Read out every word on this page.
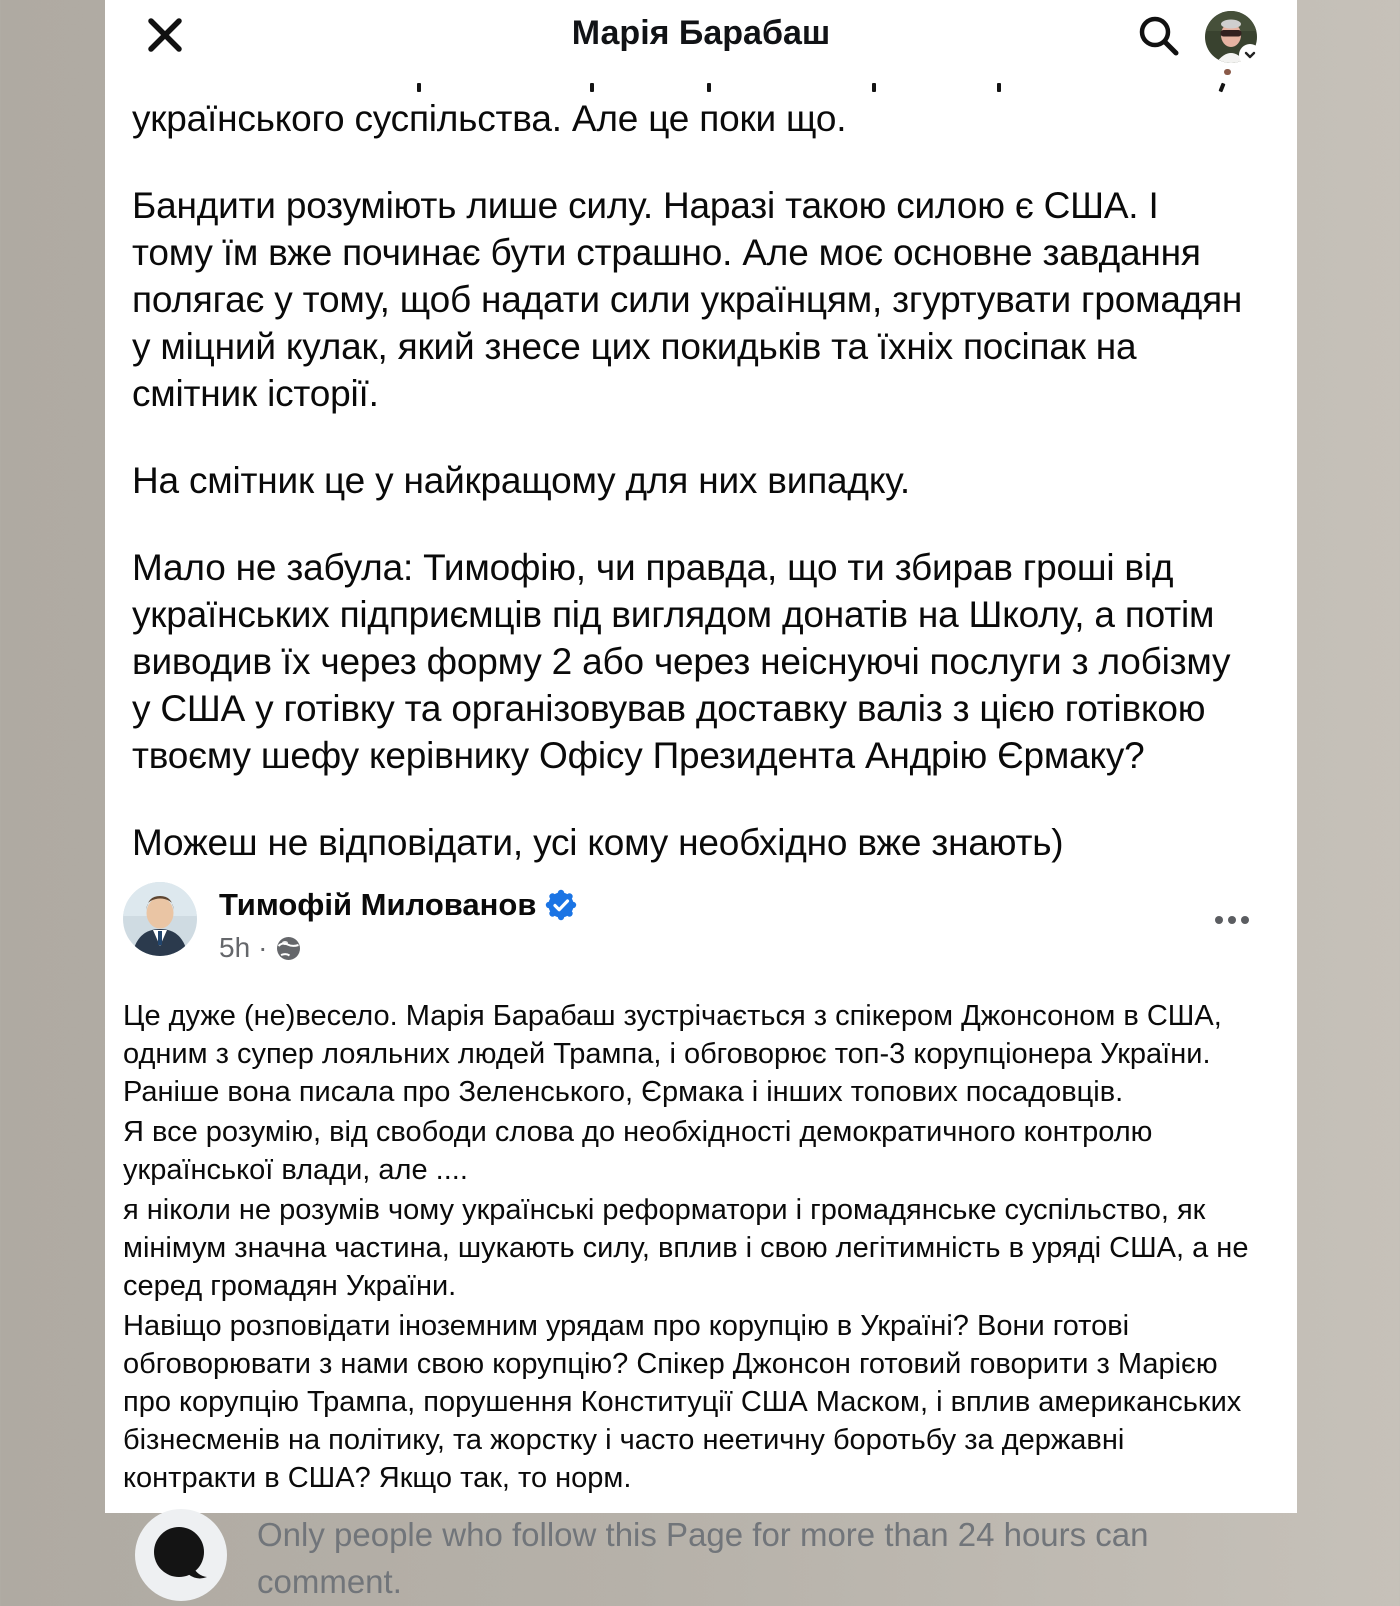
Марія Барабаш

українського суспільства. Але це поки що.

Бандити розуміють лише силу. Наразі такою силою є США. І тому їм вже починає бути страшно. Але моє основне завдання полягає у тому, щоб надати сили українцям, згуртувати громадян у міцний кулак, який знесе цих покидьків та їхніх посіпак на смітник історії.

На смітник це у найкращому для них випадку.

Мало не забула: Тимофію, чи правда, що ти збирав гроші від українських підприємців під виглядом донатів на Школу, а потім виводив їх через форму 2 або через неіснуючі послуги з лобізму у США у готівку та організовував доставку валіз з цією готівкою твоєму шефу керівнику Офісу Президента Андрію Єрмаку?

Можеш не відповідати, усі кому необхідно вже знають)

Тимофій Милованов
5h ·

Це дуже (не)весело. Марія Барабаш зустрічається з спікером Джонсоном в США, одним з супер лояльних людей Трампа, і обговорює топ-3 корупціонера України. Раніше вона писала про Зеленського, Єрмака і інших топових посадовців.

Я все розумію, від свободи слова до необхідності демократичного контролю української влади, але ....

я ніколи не розумів чому українські реформатори і громадянське суспільство, як мінімум значна частина, шукають силу, вплив і свою легітимність в уряді США, а не серед громадян України.

Навіщо розповідати іноземним урядам про корупцію в Україні? Вони готові обговорювати з нами свою корупцію? Спікер Джонсон готовий говорити з Марією про корупцію Трампа, порушення Конституції США Маском, і вплив американських бізнесменів на політику, та жорстку і часто неетичну боротьбу за державні контракти в США? Якщо так, то норм.

Only people who follow this Page for more than 24 hours can comment.
